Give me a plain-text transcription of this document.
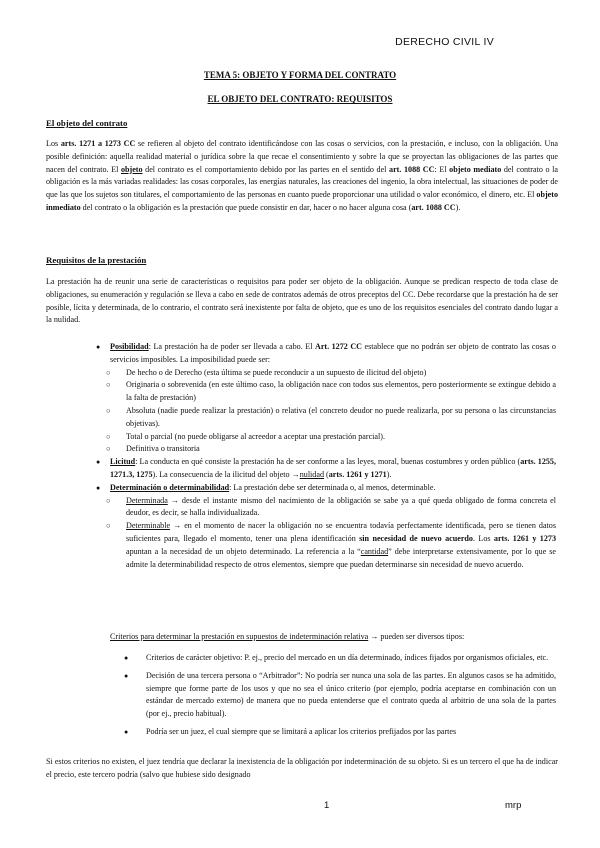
DERECHO CIVIL IV
TEMA 5: OBJETO Y FORMA DEL CONTRATO
EL OBJETO DEL CONTRATO: REQUISITOS
El objeto del contrato

Los arts. 1271 a 1273 CC se refieren al objeto del contrato identificándose con las cosas o servicios, con la prestación, e incluso, con la obligación. Una posible definición: aquella realidad material o jurídica sobre la que recae el consentimiento y sobre la que se proyectan las obligaciones de las partes que nacen del contrato. El objeto del contrato es el comportamiento debido por las partes en el sentido del art. 1088 CC: El objeto mediato del contrato o la obligación es la más variadas realidades: las cosas corporales, las energías naturales, las creaciones del ingenio, la obra intelectual, las situaciones de poder de que las que los sujetos son titulares, el comportamiento de las personas en cuanto puede proporcionar una utilidad o valor económico, el dinero, etc. El objeto inmediato del contrato o la obligación es la prestación que puede consistir en dar, hacer o no hacer alguna cosa (art. 1088 CC).

Requisitos de la prestación

La prestación ha de reunir una serie de características o requisitos para poder ser objeto de la obligación. Aunque se predican respecto de toda clase de obligaciones, su enumeración y regulación se lleva a cabo en sede de contratos además de otros preceptos del CC. Debe recordarse que la prestación ha de ser posible, lícita y determinada, de lo contrario, el contrato será inexistente por falta de objeto, que es uno de los requisitos esenciales del contrato dando lugar a la nulidad.

● Posibilidad: La prestación ha de poder ser llevada a cabo. El Art. 1272 CC establece que no podrán ser objeto de contrato las cosas o servicios imposibles. La imposibilidad puede ser:
○ De hecho o de Derecho (esta última se puede reconducir a un supuesto de ilicitud del objeto)
○ Originaria o sobrevenida (en este último caso, la obligación nace con todos sus elementos, pero posteriormente se extingue debido a la falta de prestación)
○ Absoluta (nadie puede realizar la prestación) o relativa (el concreto deudor no puede realizarla, por su persona o las circunstancias objetivas).
○ Total o parcial (no puede obligarse al acreedor a aceptar una prestación parcial).
○ Definitiva o transitoria
● Licitud: La conducta en qué consiste la prestación ha de ser conforme a las leyes, moral, buenas costumbres y orden público (arts. 1255, 1271.3, 1275). La consecuencia de la ilicitud del objeto →nulidad (arts. 1261 y 1271).
● Determinación o determinabilidad: La prestación debe ser determinada o, al menos, determinable.
○ Determinada → desde el instante mismo del nacimiento de la obligación se sabe ya a qué queda obligado de forma concreta el deudor, es decir, se halla individualizada.
○ Determinable → en el momento de nacer la obligación no se encuentra todavía perfectamente identificada, pero se tienen datos suficientes para, llegado el momento, tener una plena identificación sin necesidad de nuevo acuerdo. Los arts. 1261 y 1273 apuntan a la necesidad de un objeto determinado. La referencia a la “cantidad” debe interpretarse extensivamente, por lo que se admite la determinabilidad respecto de otros elementos, siempre que puedan determinarse sin necesidad de nuevo acuerdo.
Criterios para determinar la prestación en supuestos de indeterminación relativa → pueden ser diversos tipos:
● Criterios de carácter objetivo: P. ej., precio del mercado en un día determinado, índices fijados por organismos oficiales, etc.
● Decisión de una tercera persona o “Arbitrador”: No podría ser nunca una sola de las partes. En algunos casos se ha admitido, siempre que forme parte de los usos y que no sea el único criterio (por ejemplo, podría aceptarse en combinación con un estándar de mercado externo) de manera que no pueda entenderse que el contrato queda al arbitrio de una sola de la partes (por ej., precio habitual).
● Podría ser un juez, el cual siempre que se limitará a aplicar los criterios prefijados por las partes

Si estos criterios no existen, el juez tendría que declarar la inexistencia de la obligación por indeterminación de su objeto. Si es un tercero el que ha de indicar el precio, este tercero podría (salvo que hubiese sido designado

1	mrp
